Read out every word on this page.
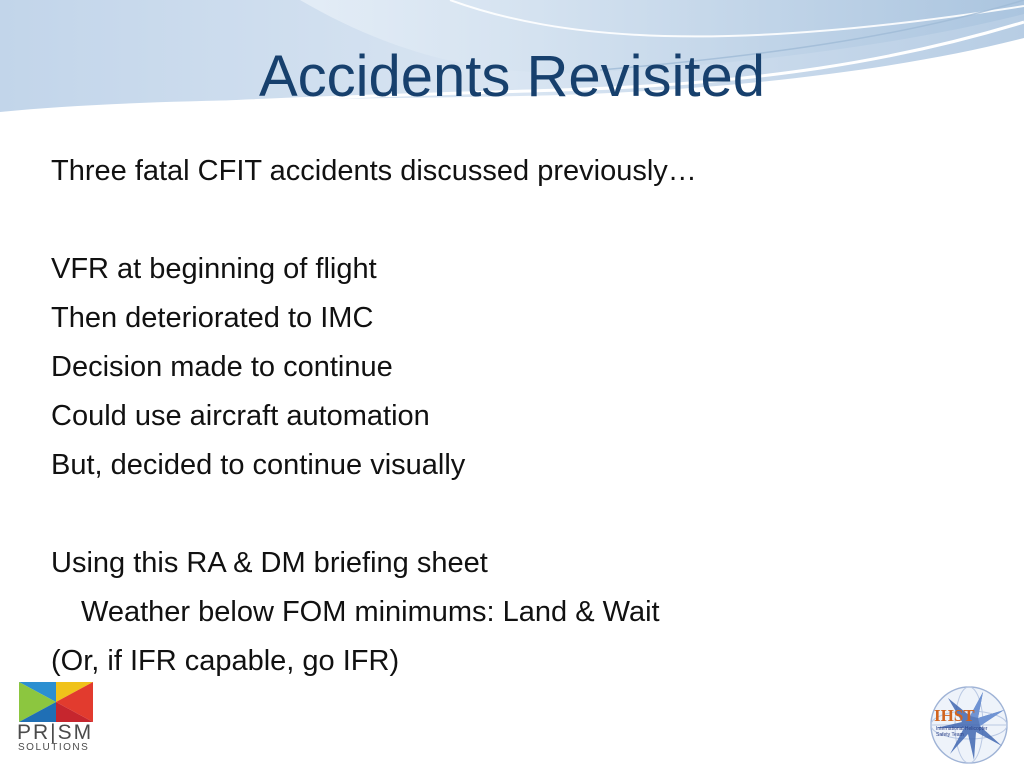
Accidents Revisited
Three fatal CFIT accidents discussed previously…
VFR at beginning of flight
Then deteriorated to IMC
Decision made to continue
Could use aircraft automation
But, decided to continue visually
Using this RA & DM briefing sheet
Weather below FOM minimums: Land & Wait
(Or, if IFR capable, go IFR)
PR|SM
SOLUTIONS
IHST
International Helicopter Safety Team
